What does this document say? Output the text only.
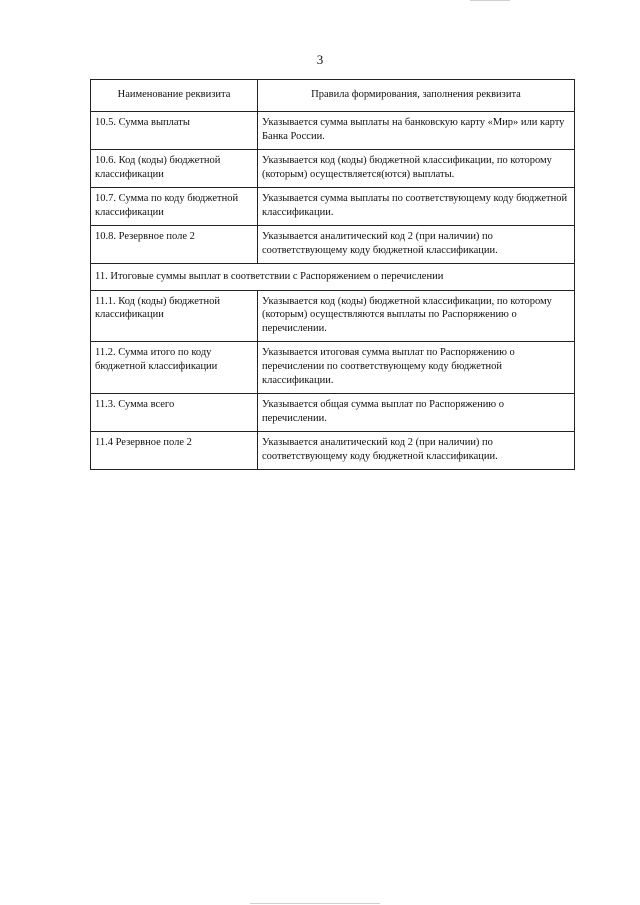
3
Наименование реквизита	Правила формирования, заполнения реквизита
10.5. Сумма выплаты	Указывается сумма выплаты на банковскую карту «Мир» или карту Банка России.
10.6. Код (коды) бюджетной классификации	Указывается код (коды) бюджетной классификации, по которому (которым) осуществляется(ются) выплаты.
10.7. Сумма по коду бюджетной классификации	Указывается сумма выплаты по соответствующему коду бюджетной классификации.
10.8. Резервное поле 2	Указывается аналитический код 2 (при наличии) по соответствующему коду бюджетной классификации.
11. Итоговые суммы выплат в соответствии с Распоряжением о перечислении	
11.1. Код (коды) бюджетной классификации	Указывается код (коды) бюджетной классификации, по которому (которым) осуществляются выплаты по Распоряжению о перечислении.
11.2. Сумма итого по коду бюджетной классификации	Указывается итоговая сумма выплат по Распоряжению о перечислении по соответствующему коду бюджетной классификации.
11.3. Сумма всего	Указывается общая сумма выплат по Распоряжению о перечислении.
11.4 Резервное поле 2	Указывается аналитический код 2 (при наличии) по соответствующему коду бюджетной классификации.
